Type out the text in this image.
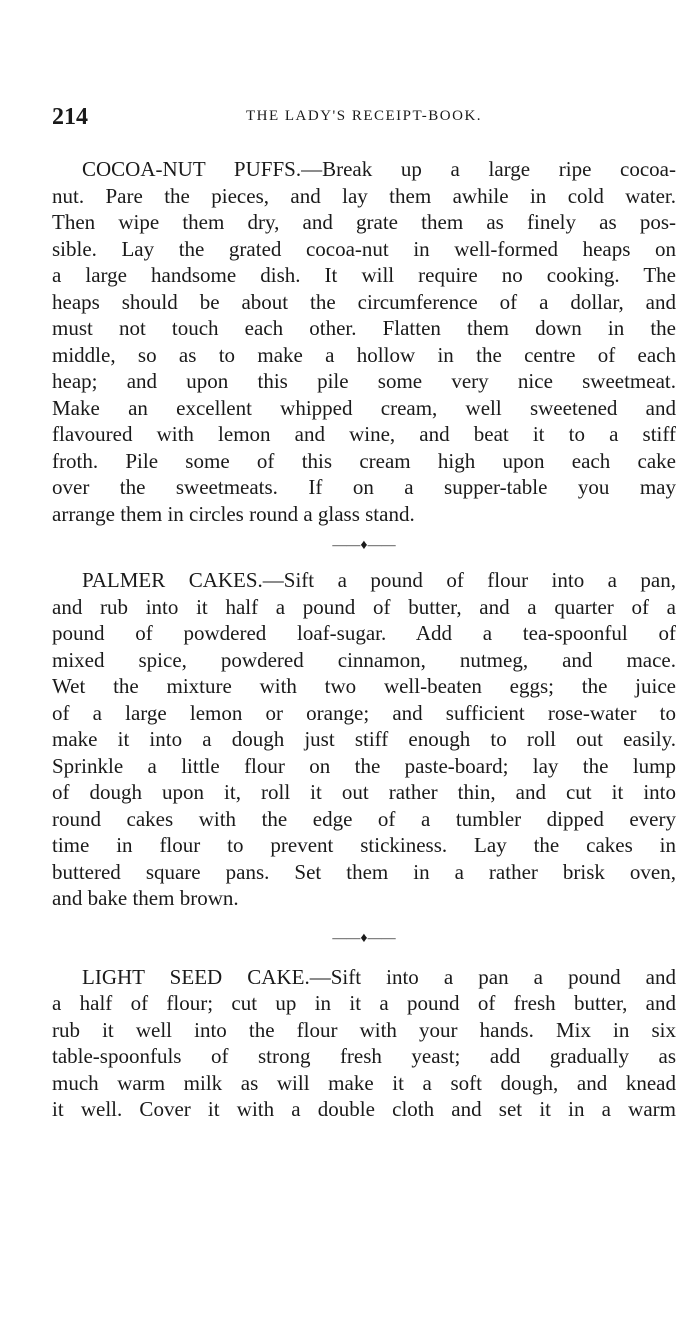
214	THE LADY'S RECEIPT-BOOK.
COCOA-NUT PUFFS.—Break up a large ripe cocoa-
nut. Pare the pieces, and lay them awhile in cold water.
Then wipe them dry, and grate them as finely as pos-
sible. Lay the grated cocoa-nut in well-formed heaps on
a large handsome dish. It will require no cooking. The
heaps should be about the circumference of a dollar, and
must not touch each other. Flatten them down in the
middle, so as to make a hollow in the centre of each
heap; and upon this pile some very nice sweetmeat.
Make an excellent whipped cream, well sweetened and
flavoured with lemon and wine, and beat it to a stiff
froth. Pile some of this cream high upon each cake
over the sweetmeats. If on a supper-table you may
arrange them in circles round a glass stand.
——♦——
PALMER CAKES.—Sift a pound of flour into a pan,
and rub into it half a pound of butter, and a quarter of a
pound of powdered loaf-sugar. Add a tea-spoonful of
mixed spice, powdered cinnamon, nutmeg, and mace.
Wet the mixture with two well-beaten eggs; the juice
of a large lemon or orange; and sufficient rose-water to
make it into a dough just stiff enough to roll out easily.
Sprinkle a little flour on the paste-board; lay the lump
of dough upon it, roll it out rather thin, and cut it into
round cakes with the edge of a tumbler dipped every
time in flour to prevent stickiness. Lay the cakes in
buttered square pans. Set them in a rather brisk oven,
and bake them brown.
——♦——
LIGHT SEED CAKE.—Sift into a pan a pound and
a half of flour; cut up in it a pound of fresh butter, and
rub it well into the flour with your hands. Mix in six
table-spoonfuls of strong fresh yeast; add gradually as
much warm milk as will make it a soft dough, and knead
it well. Cover it with a double cloth and set it in a warm
